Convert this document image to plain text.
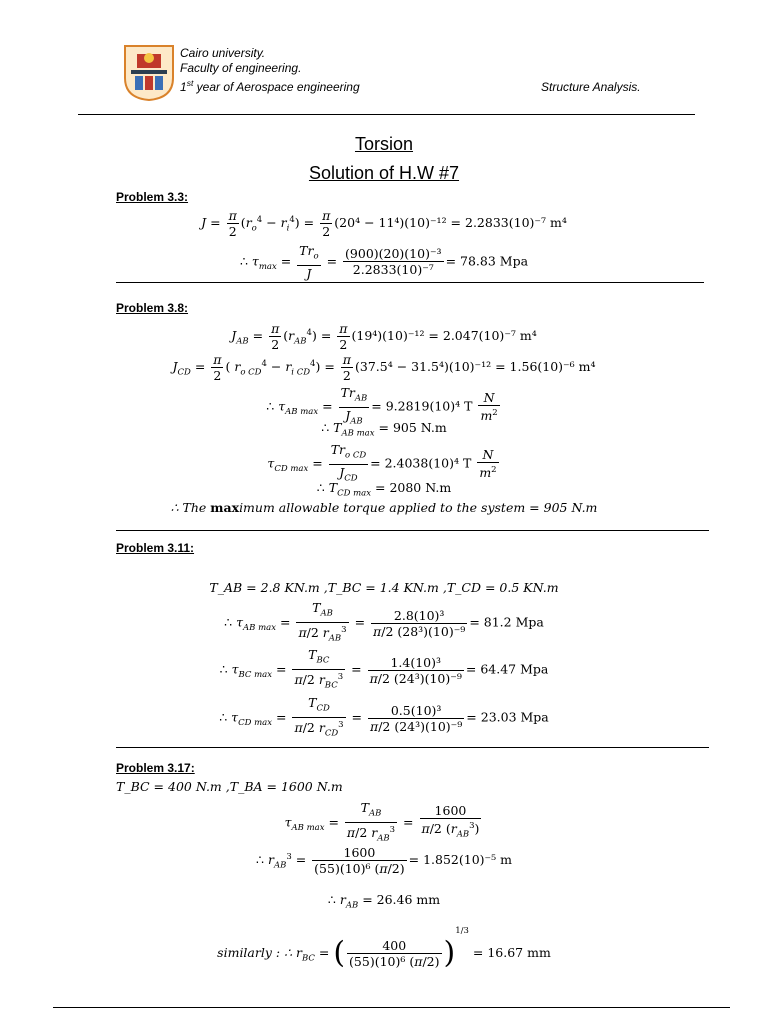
Cairo university.
Faculty of engineering.
1st year of Aerospace engineering	Structure Analysis.
Torsion
Solution of H.W #7
Problem 3.3:
$J = \frac{\pi}{2} (r_o^4 - r_i^4) = \frac{\pi}{2} (20^4 - 11^4)(10)^{-12} = 2.2833(10)^{-7}$ m⁴
∴ $\tau_{max}$ =
$Tr_o$
J
= $\frac{\text{(900)(20)(10)⁻³}}{\text{2.2833(10)⁻⁷}} = 78.83$ Mpa
Problem 3.8:
$J_{AB} = \frac{\pi}{2} (r_{AB}^4) = \frac{\pi}{2} (19^4)(10)^{-12} = 2.047(10)^{-7}$ m⁴
$J_{CD} = \frac{\pi}{2}$ ( $r_{o CD}^4 - r_{i CD}^4) = \frac{\pi}{2} (37.5^4 - 31.5^4)(10)^{-12} = 1.56(10)^{-6}$ m⁴
∴ $\tau_{AB max}$ =
$Tr_{AB}$
$J_{AB}$
= 9.2819(10)⁴ T $\frac{N}{m^2}$
∴ $T_{AB max} = 905$ N.m
$\tau_{CD max}$ =
$Tr_{o CD}$
$J_{CD}$
= 2.4038(10)⁴ T $\frac{N}{m^2}$
∴ $T_{CD max} = 2080$ N.m
∴ The maximum allowable torque applied to the system = 905 N.m
Problem 3.11:
T_AB = 2.8 KN.m ,T_BC = 1.4 KN.m ,T_CD = 0.5 KN.m
∴ $\tau_{AB max}$ =
$T_{AB}$
π/2 $r_{AB}^3 = \frac{\text{2.8(10)³}}{\text{π/2 (28³)(10)⁻⁹}} = 81.2$ Mpa
∴ $\tau_{BC max}$ =
$T_{BC}$
π/2 $r_{BC}^3 = \frac{\text{1.4(10)³}}{\text{π/2 (24³)(10)⁻⁹}} = 64.47$ Mpa
∴ $\tau_{CD max}$ =
$T_{CD}$
π/2 $r_{CD}^3 = \frac{\text{0.5(10)³}}{\text{π/2 (24³)(10)⁻⁹}} = 23.03$ Mpa
Problem 3.17:
T_BC = 400 N.m ,T_BA = 1600 N.m
$\tau_{AB max}$ =
$T_{AB}$
π/2 $r_{AB}^3$ =
1600
π/2 $(r_{AB}^3)$
∴ $r_{AB}^3 = \frac{1600}{\text{(55)(10)⁶ (π/2)}} = 1.852(10)^{-5}$ m
∴ $r_{AB} = 26.46$ mm
similarly : ∴ $r_{BC}$ = ( $\frac{400}{\text{(55)(10)⁶ (π/2)}} )^{1/3} = 16.67$ mm
